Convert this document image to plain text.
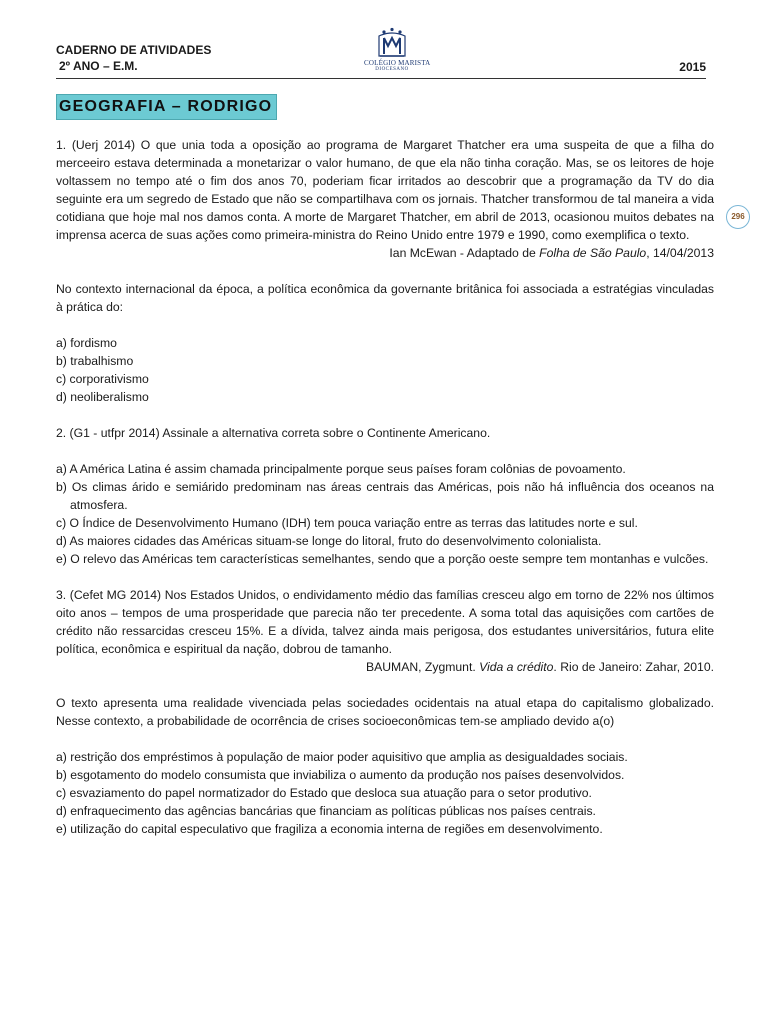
CADERNO DE ATIVIDADES
2º ANO – E.M.	COLÉGIO MARISTA
DIOCESANO	2015
GEOGRAFIA – RODRIGO
296

1. (Uerj 2014) O que unia toda a oposição ao programa de Margaret Thatcher era uma suspeita de que a filha do merceeiro estava determinada a monetarizar o valor humano, de que ela não tinha coração. Mas, se os leitores de hoje voltassem no tempo até o fim dos anos 70, poderiam ficar irritados ao descobrir que a programação da TV do dia seguinte era um segredo de Estado que não se compartilhava com os jornais. Thatcher transformou de tal maneira a vida cotidiana que hoje mal nos damos conta. A morte de Margaret Thatcher, em abril de 2013, ocasionou muitos debates na imprensa acerca de suas ações como primeira-ministra do Reino Unido entre 1979 e 1990, como exemplifica o texto.

Ian McEwan - Adaptado de Folha de São Paulo, 14/04/2013

No contexto internacional da época, a política econômica da governante britânica foi associada a estratégias vinculadas à prática do:

a) fordismo

b) trabalhismo

c) corporativismo

d) neoliberalismo

2. (G1 - utfpr 2014) Assinale a alternativa correta sobre o Continente Americano.

a) A América Latina é assim chamada principalmente porque seus países foram colônias de povoamento.

b) Os climas árido e semiárido predominam nas áreas centrais das Américas, pois não há influência dos oceanos na atmosfera.

c) O Índice de Desenvolvimento Humano (IDH) tem pouca variação entre as terras das latitudes norte e sul.

d) As maiores cidades das Américas situam-se longe do litoral, fruto do desenvolvimento colonialista.

e) O relevo das Américas tem características semelhantes, sendo que a porção oeste sempre tem montanhas e vulcões.

3. (Cefet MG 2014) Nos Estados Unidos, o endividamento médio das famílias cresceu algo em torno de 22% nos últimos oito anos – tempos de uma prosperidade que parecia não ter precedente. A soma total das aquisições com cartões de crédito não ressarcidas cresceu 15%. E a dívida, talvez ainda mais perigosa, dos estudantes universitários, futura elite política, econômica e espiritual da nação, dobrou de tamanho.

BAUMAN, Zygmunt. Vida a crédito. Rio de Janeiro: Zahar, 2010.

O texto apresenta uma realidade vivenciada pelas sociedades ocidentais na atual etapa do capitalismo globalizado. Nesse contexto, a probabilidade de ocorrência de crises socioeconômicas tem-se ampliado devido a(o)

a) restrição dos empréstimos à população de maior poder aquisitivo que amplia as desigualdades sociais.

b) esgotamento do modelo consumista que inviabiliza o aumento da produção nos países desenvolvidos.

c) esvaziamento do papel normatizador do Estado que desloca sua atuação para o setor produtivo.

d) enfraquecimento das agências bancárias que financiam as políticas públicas nos países centrais.

e) utilização do capital especulativo que fragiliza a economia interna de regiões em desenvolvimento.
